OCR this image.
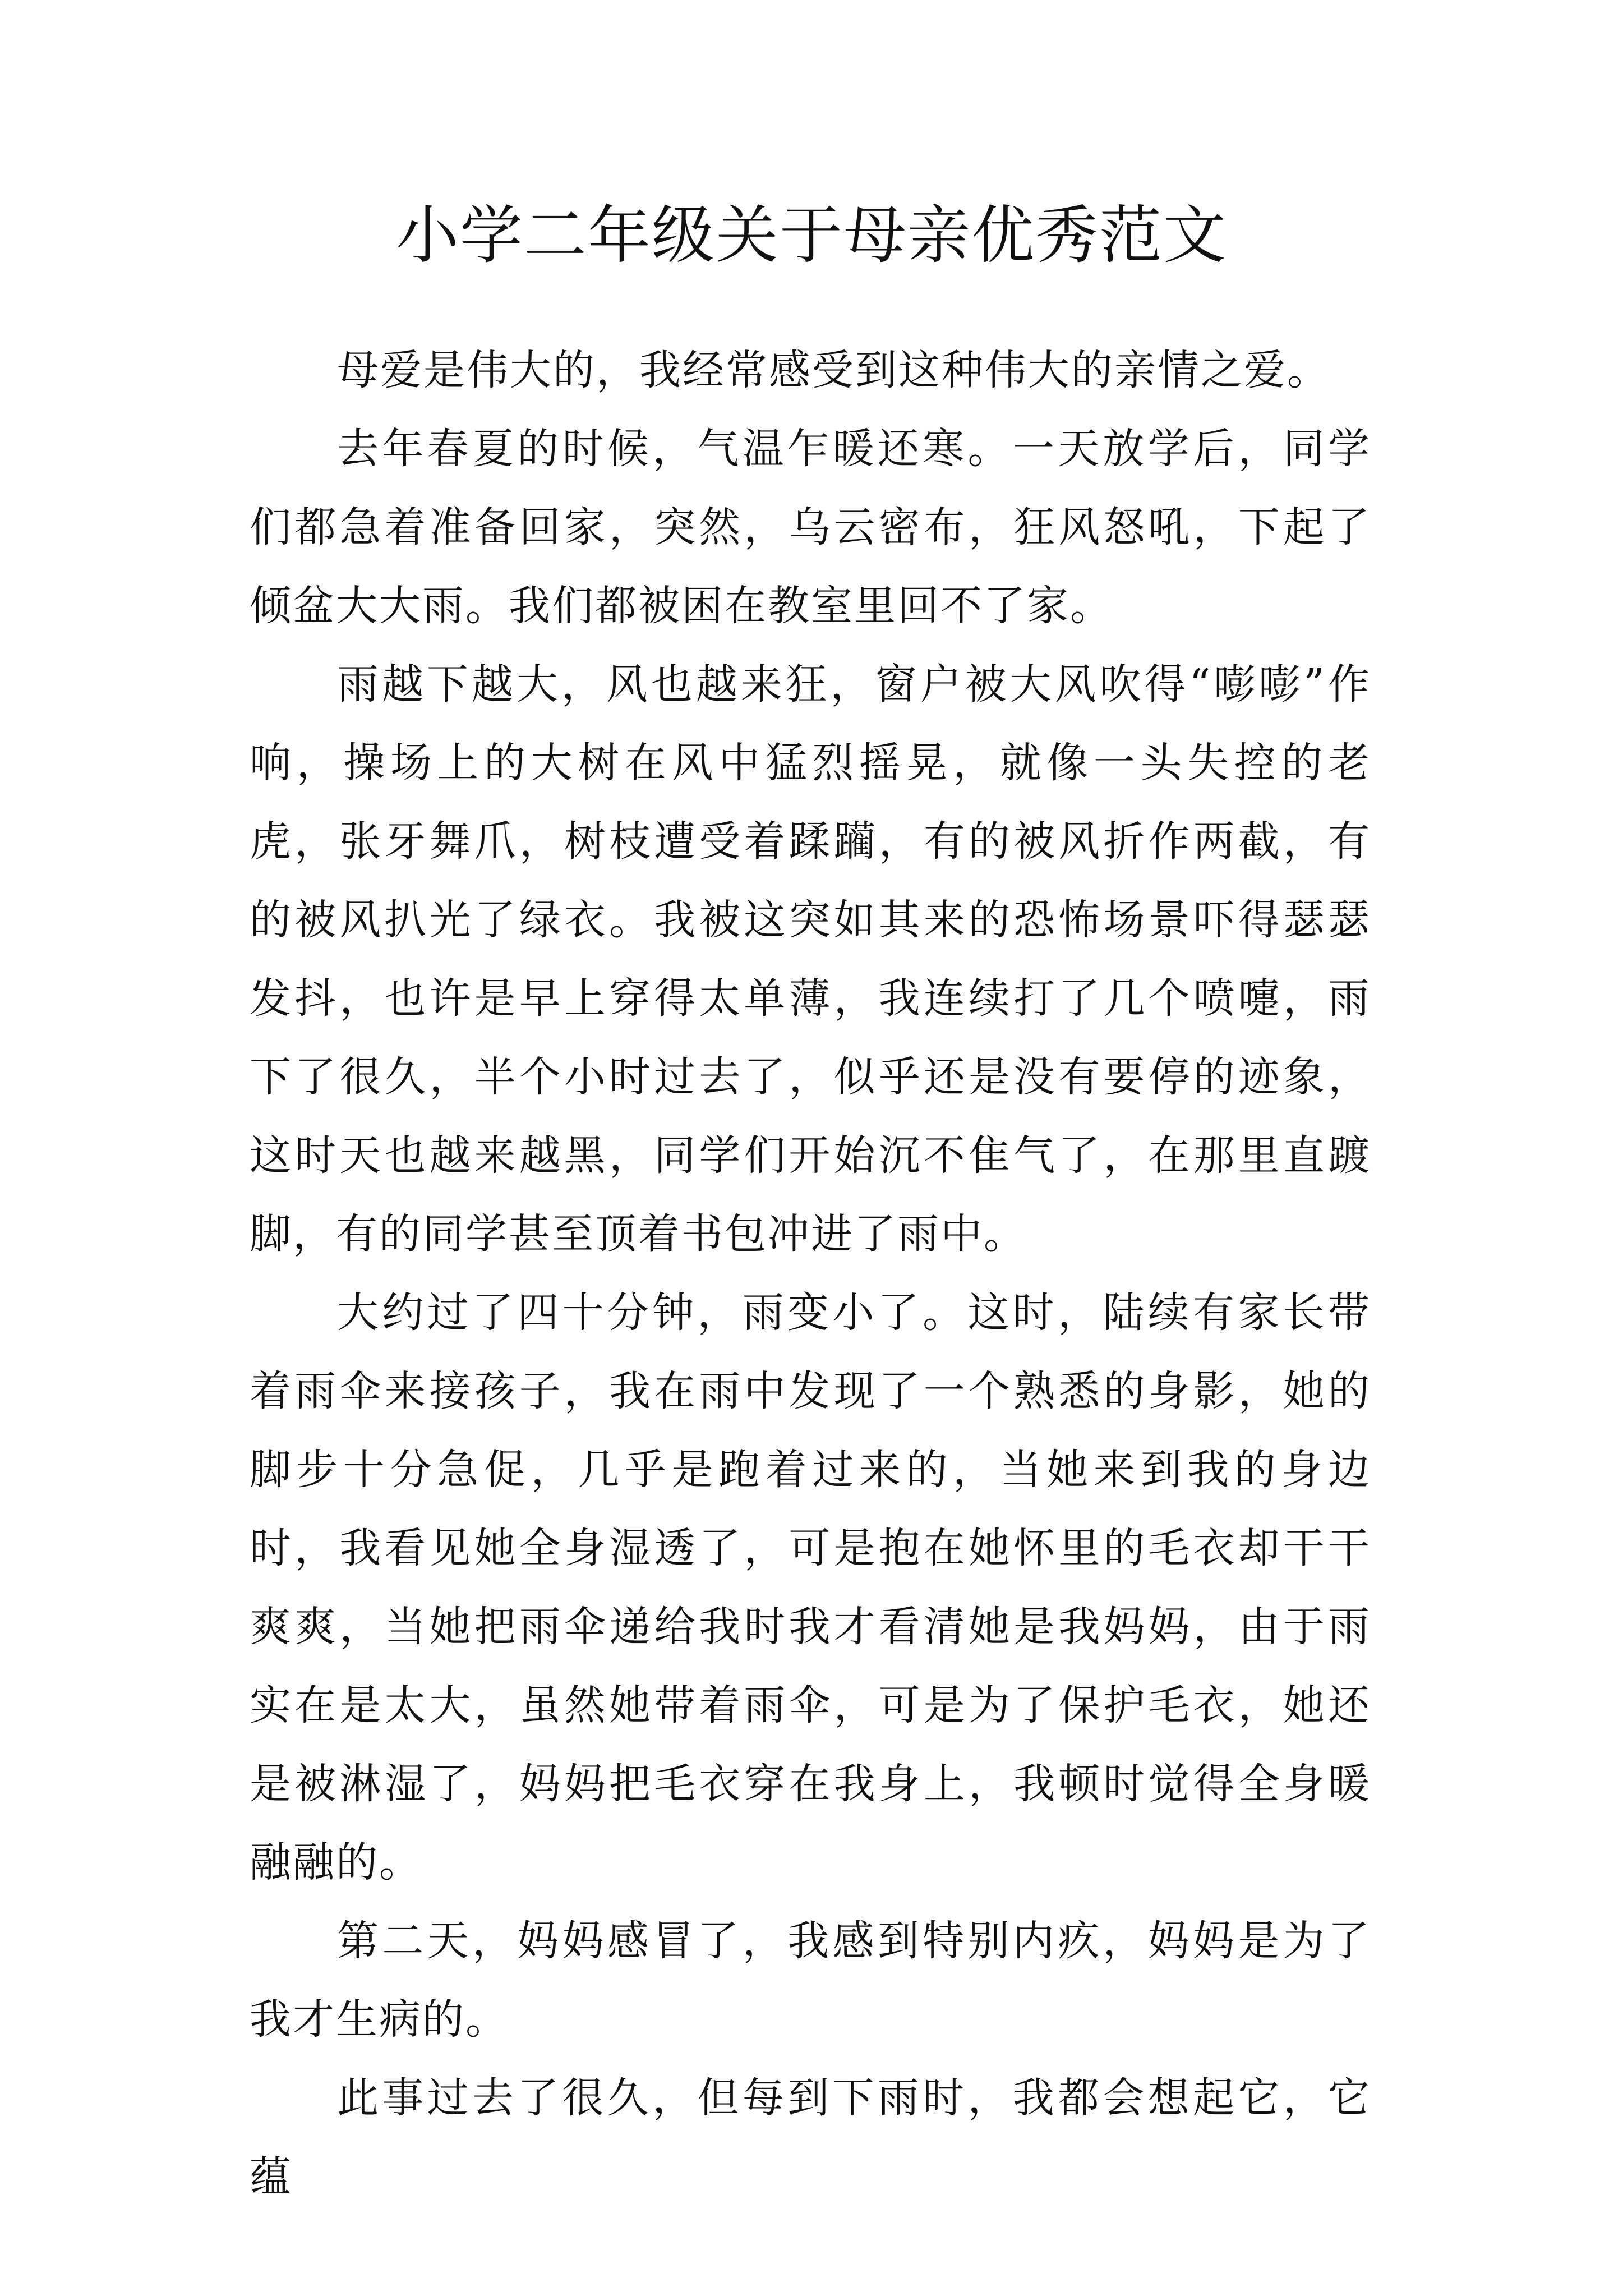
小学二年级关于母亲优秀范文

母爱是伟大的，我经常感受到这种伟大的亲情之爱。

去年春夏的时候，气温乍暖还寒。一天放学后，同学们都急着准备回家，突然，乌云密布，狂风怒吼，下起了倾盆大大雨。我们都被困在教室里回不了家。

雨越下越大，风也越来狂，窗户被大风吹得“嘭嘭”作响，操场上的大树在风中猛烈摇晃，就像一头失控的老虎，张牙舞爪，树枝遭受着蹂躏，有的被风折作两截，有的被风扒光了绿衣。我被这突如其来的恐怖场景吓得瑟瑟发抖，也许是早上穿得太单薄，我连续打了几个喷嚏，雨下了很久，半个小时过去了，似乎还是没有要停的迹象，这时天也越来越黑，同学们开始沉不隹气了，在那里直踱脚，有的同学甚至顶着书包冲进了雨中。

大约过了四十分钟，雨变小了。这时，陆续有家长带着雨伞来接孩子，我在雨中发现了一个熟悉的身影，她的脚步十分急促，几乎是跑着过来的，当她来到我的身边时，我看见她全身湿透了，可是抱在她怀里的毛衣却干干爽爽，当她把雨伞递给我时我才看清她是我妈妈，由于雨实在是太大，虽然她带着雨伞，可是为了保护毛衣，她还是被淋湿了，妈妈把毛衣穿在我身上，我顿时觉得全身暖融融的。

第二天，妈妈感冒了，我感到特别内疚，妈妈是为了我才生病的。

此事过去了很久，但每到下雨时，我都会想起它，它蕴
